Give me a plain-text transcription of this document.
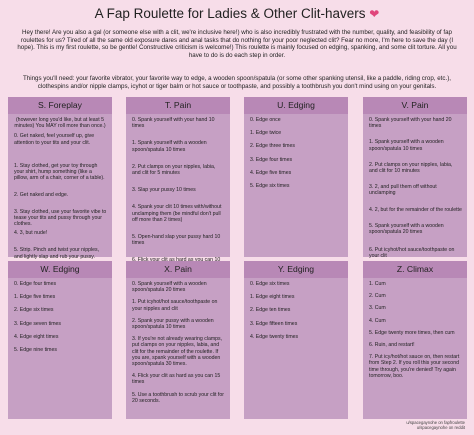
A Fap Roulette for Ladies & Other Clit-havers ❤
Hey there! Are you also a gal (or someone else with a clit, we're inclusive here!) who is also incredibly frustrated with the number, quality, and feasibility of fap roulettes for us? Tired of all the same old exposure dares and anal tasks that do nothing for your poor neglected clit? Fear no more, I'm here to save the day (I hope). This is my first roulette, so be gentle! Constructive criticism is welcome!) This roulette is mainly focused on edging, spanking, and some clit torture. All you have to do is do each step in order.
Things you'll need: your favorite vibrator, your favorite way to edge, a wooden spoon/spatula (or some other spanking utensil, like a paddle, riding crop, etc.), clothespins and/or nipple clamps, icyhot or tiger balm or hot sauce or toothpaste, and possibly a toothbrush you don't mind using on your genitals.
S. Foreplay
(however long you'd like, but at least 5 minutes) You MAY roll more than once.)
0. Get naked, feel yourself up, give attention to your tits and your clit.
1. Stay clothed, get your toy through your shirt, hump something (like a pillow, arm of a chair, corner of a table).
2. Get naked and edge.
3. Stay clothed, use your favorite vibe to tease your tits and pussy through your clothes.
4. 3, but nude!
5. Strip. Pinch and twist your nipples, and lightly slap and rub your pussy.
T. Pain
0. Spank yourself with your hand 10 times
1. Spank yourself with a wooden spoon/spatula 10 times
2. Put clamps on your nipples, labia, and clit for 5 minutes
3. Slap your pussy 10 times
4. Spank your clit 10 times with/without unclamping them (be mindful don't pull off more than 2 times)
5. Open-hand slap your pussy hard 10 times
U. Edging
0. Edge once
1. Edge twice
2. Edge three times
3. Edge four times
4. Edge five times
5. Edge six times
V. Pain
0. Spank yourself with your hand 20 times
1. Spank yourself with a wooden spoon/spatula 10 times
2. Put clamps on your nipples, labia, and clit for 10 minutes
3. 2, and pull them off without unclamping
4. 2, but for the remainder of the roulette
5. Spank yourself with a wooden spoon/spatula 20 times
6. Put icyhot/hot sauce/toothpaste on your clit
W. Edging
0. Edge four times
1. Edge five times
2. Edge six times
3. Edge seven times
4. Edge eight times
5. Edge nine times
X. Pain
0. Spank yourself with a wooden spoon/spatula 20 times
1. Put icyhot/hot sauce/toothpaste on your nipples and clit
2. Spank your pussy with a wooden spoon/spatula 10 times
3. If you're not already wearing clamps, put clamps on your nipples, labia, and clit for the remainder of the roulette. If you are, spank yourself with a wooden spoon/spatula 30 times.
4. Flick your clit as hard as you can 15 times
5. Use a toothbrush to scrub your clit for 20 seconds.
Y. Edging
0. Edge six times
1. Edge eight times
2. Edge ten times
3. Edge fifteen times
4. Edge twenty times
Z. Climax
1. Cum
2. Cum
3. Cum
4. Cum
5. Edge twenty more times, then cum
6. Ruin, and restart!
7. Put icy/hot/hot sauce on, then restart from Step 2. If you roll this your second time through, you're denied! Try again tomorrow, boo.
u/spacegaynohe on fapfroulette
u/spacegaynohe on reddit
